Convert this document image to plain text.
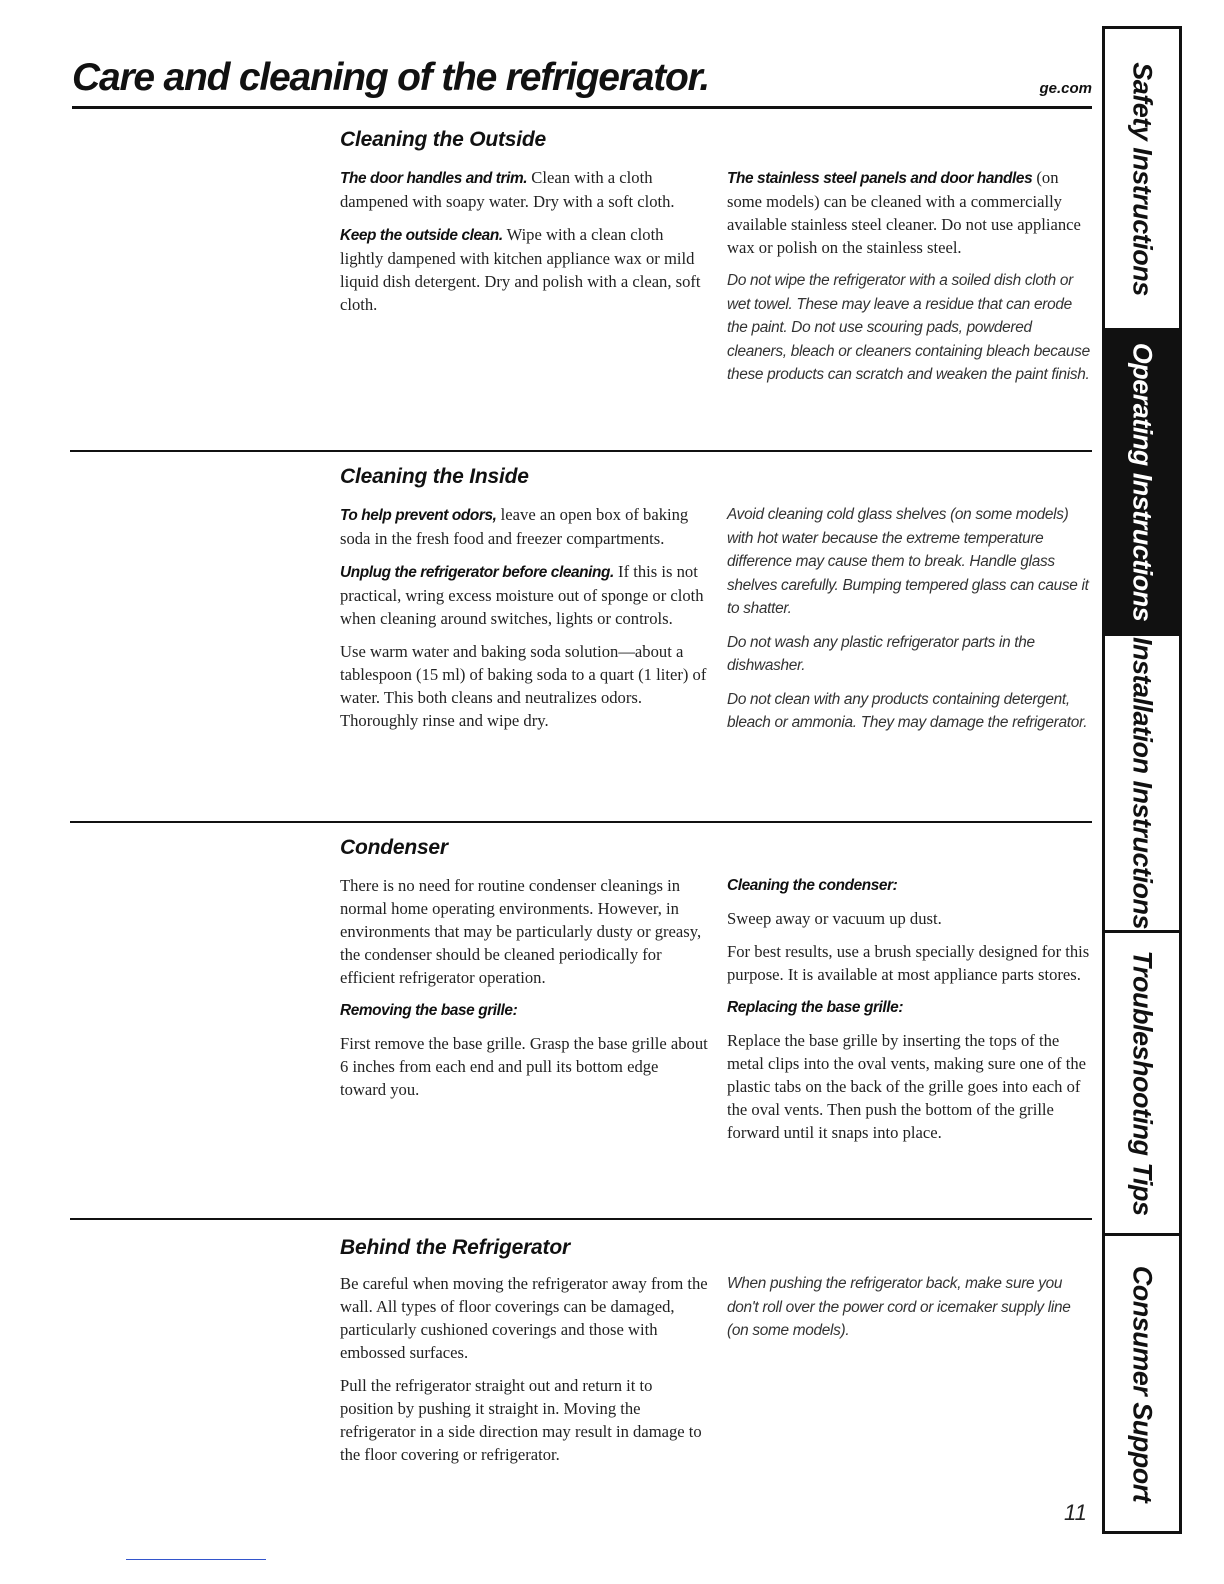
Care and cleaning of the refrigerator.	ge.com
Cleaning the Outside

The door handles and trim. Clean with a cloth dampened with soapy water. Dry with a soft cloth.

Keep the outside clean. Wipe with a clean cloth lightly dampened with kitchen appliance wax or mild liquid dish detergent. Dry and polish with a clean, soft cloth.

The stainless steel panels and door handles (on some models) can be cleaned with a commercially available stainless steel cleaner. Do not use appliance wax or polish on the stainless steel.

Do not wipe the refrigerator with a soiled dish cloth or wet towel. These may leave a residue that can erode the paint. Do not use scouring pads, powdered cleaners, bleach or cleaners containing bleach because these products can scratch and weaken the paint finish.

Cleaning the Inside

To help prevent odors, leave an open box of baking soda in the fresh food and freezer compartments.

Unplug the refrigerator before cleaning. If this is not practical, wring excess moisture out of sponge or cloth when cleaning around switches, lights or controls.

Use warm water and baking soda solution—about a tablespoon (15 ml) of baking soda to a quart (1 liter) of water. This both cleans and neutralizes odors. Thoroughly rinse and wipe dry.

Avoid cleaning cold glass shelves (on some models) with hot water because the extreme temperature difference may cause them to break. Handle glass shelves carefully. Bumping tempered glass can cause it to shatter.

Do not wash any plastic refrigerator parts in the dishwasher.

Do not clean with any products containing detergent, bleach or ammonia. They may damage the refrigerator.

Condenser

There is no need for routine condenser cleanings in normal home operating environments. However, in environments that may be particularly dusty or greasy, the condenser should be cleaned periodically for efficient refrigerator operation.

Removing the base grille:

First remove the base grille. Grasp the base grille about 6 inches from each end and pull its bottom edge toward you.

Cleaning the condenser:

Sweep away or vacuum up dust.

For best results, use a brush specially designed for this purpose. It is available at most appliance parts stores.

Replacing the base grille:

Replace the base grille by inserting the tops of the metal clips into the oval vents, making sure one of the plastic tabs on the back of the grille goes into each of the oval vents. Then push the bottom of the grille forward until it snaps into place.

Behind the Refrigerator

Be careful when moving the refrigerator away from the wall. All types of floor coverings can be damaged, particularly cushioned coverings and those with embossed surfaces.

Pull the refrigerator straight out and return it to position by pushing it straight in. Moving the refrigerator in a side direction may result in damage to the floor covering or refrigerator.

When pushing the refrigerator back, make sure you don't roll over the power cord or icemaker supply line (on some models).

11
Safety Instructions
Operating Instructions
Installation Instructions
Troubleshooting Tips
Consumer Support
